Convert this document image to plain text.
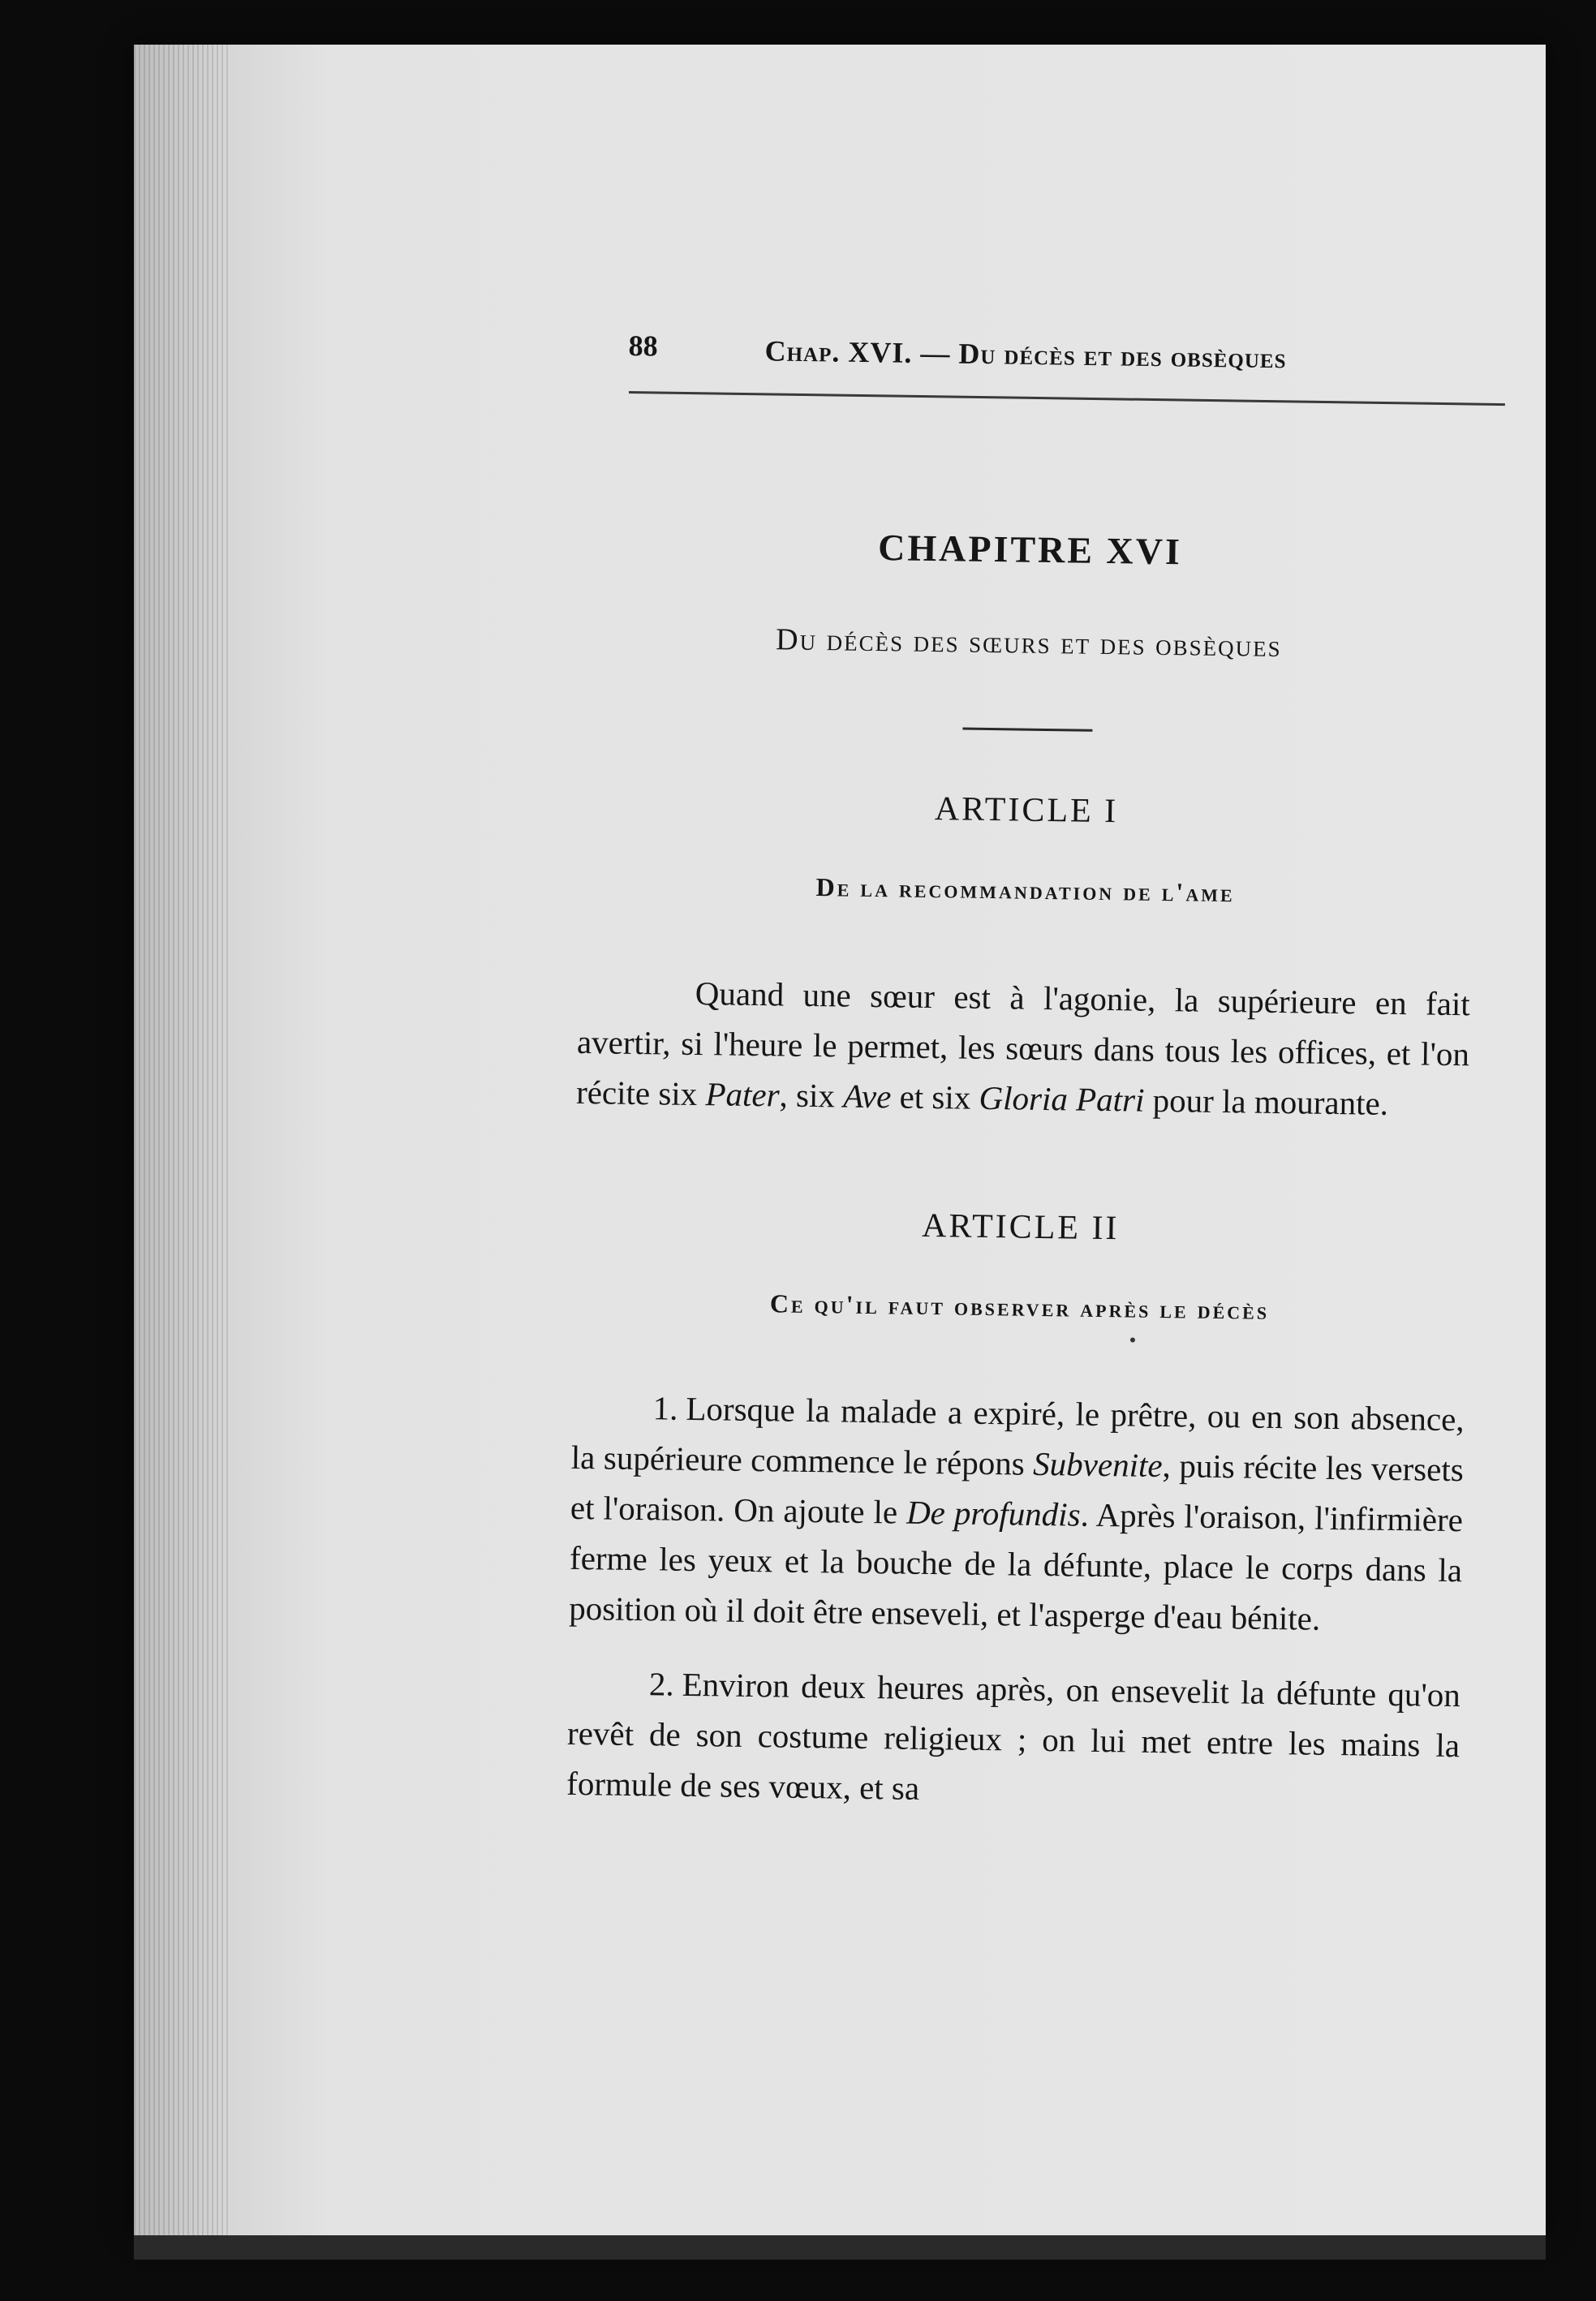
88	Chap. XVI. — Du décès et des obsèques
CHAPITRE XVI
Du décès des sœurs et des obsèques
ARTICLE I
De la recommandation de l'ame

Quand une sœur est à l'agonie, la supérieure en fait avertir, si l'heure le permet, les sœurs dans tous les offices, et l'on récite six Pater, six Ave et six Gloria Patri pour la mourante.

ARTICLE II
Ce qu'il faut observer après le décès

1. Lorsque la malade a expiré, le prêtre, ou en son absence, la supérieure commence le répons Subvenite, puis récite les versets et l'oraison. On ajoute le De profundis. Après l'oraison, l'infirmière ferme les yeux et la bouche de la défunte, place le corps dans la position où il doit être enseveli, et l'asperge d'eau bénite.

2. Environ deux heures après, on ensevelit la défunte qu'on revêt de son costume religieux ; on lui met entre les mains la formule de ses vœux, et sa
